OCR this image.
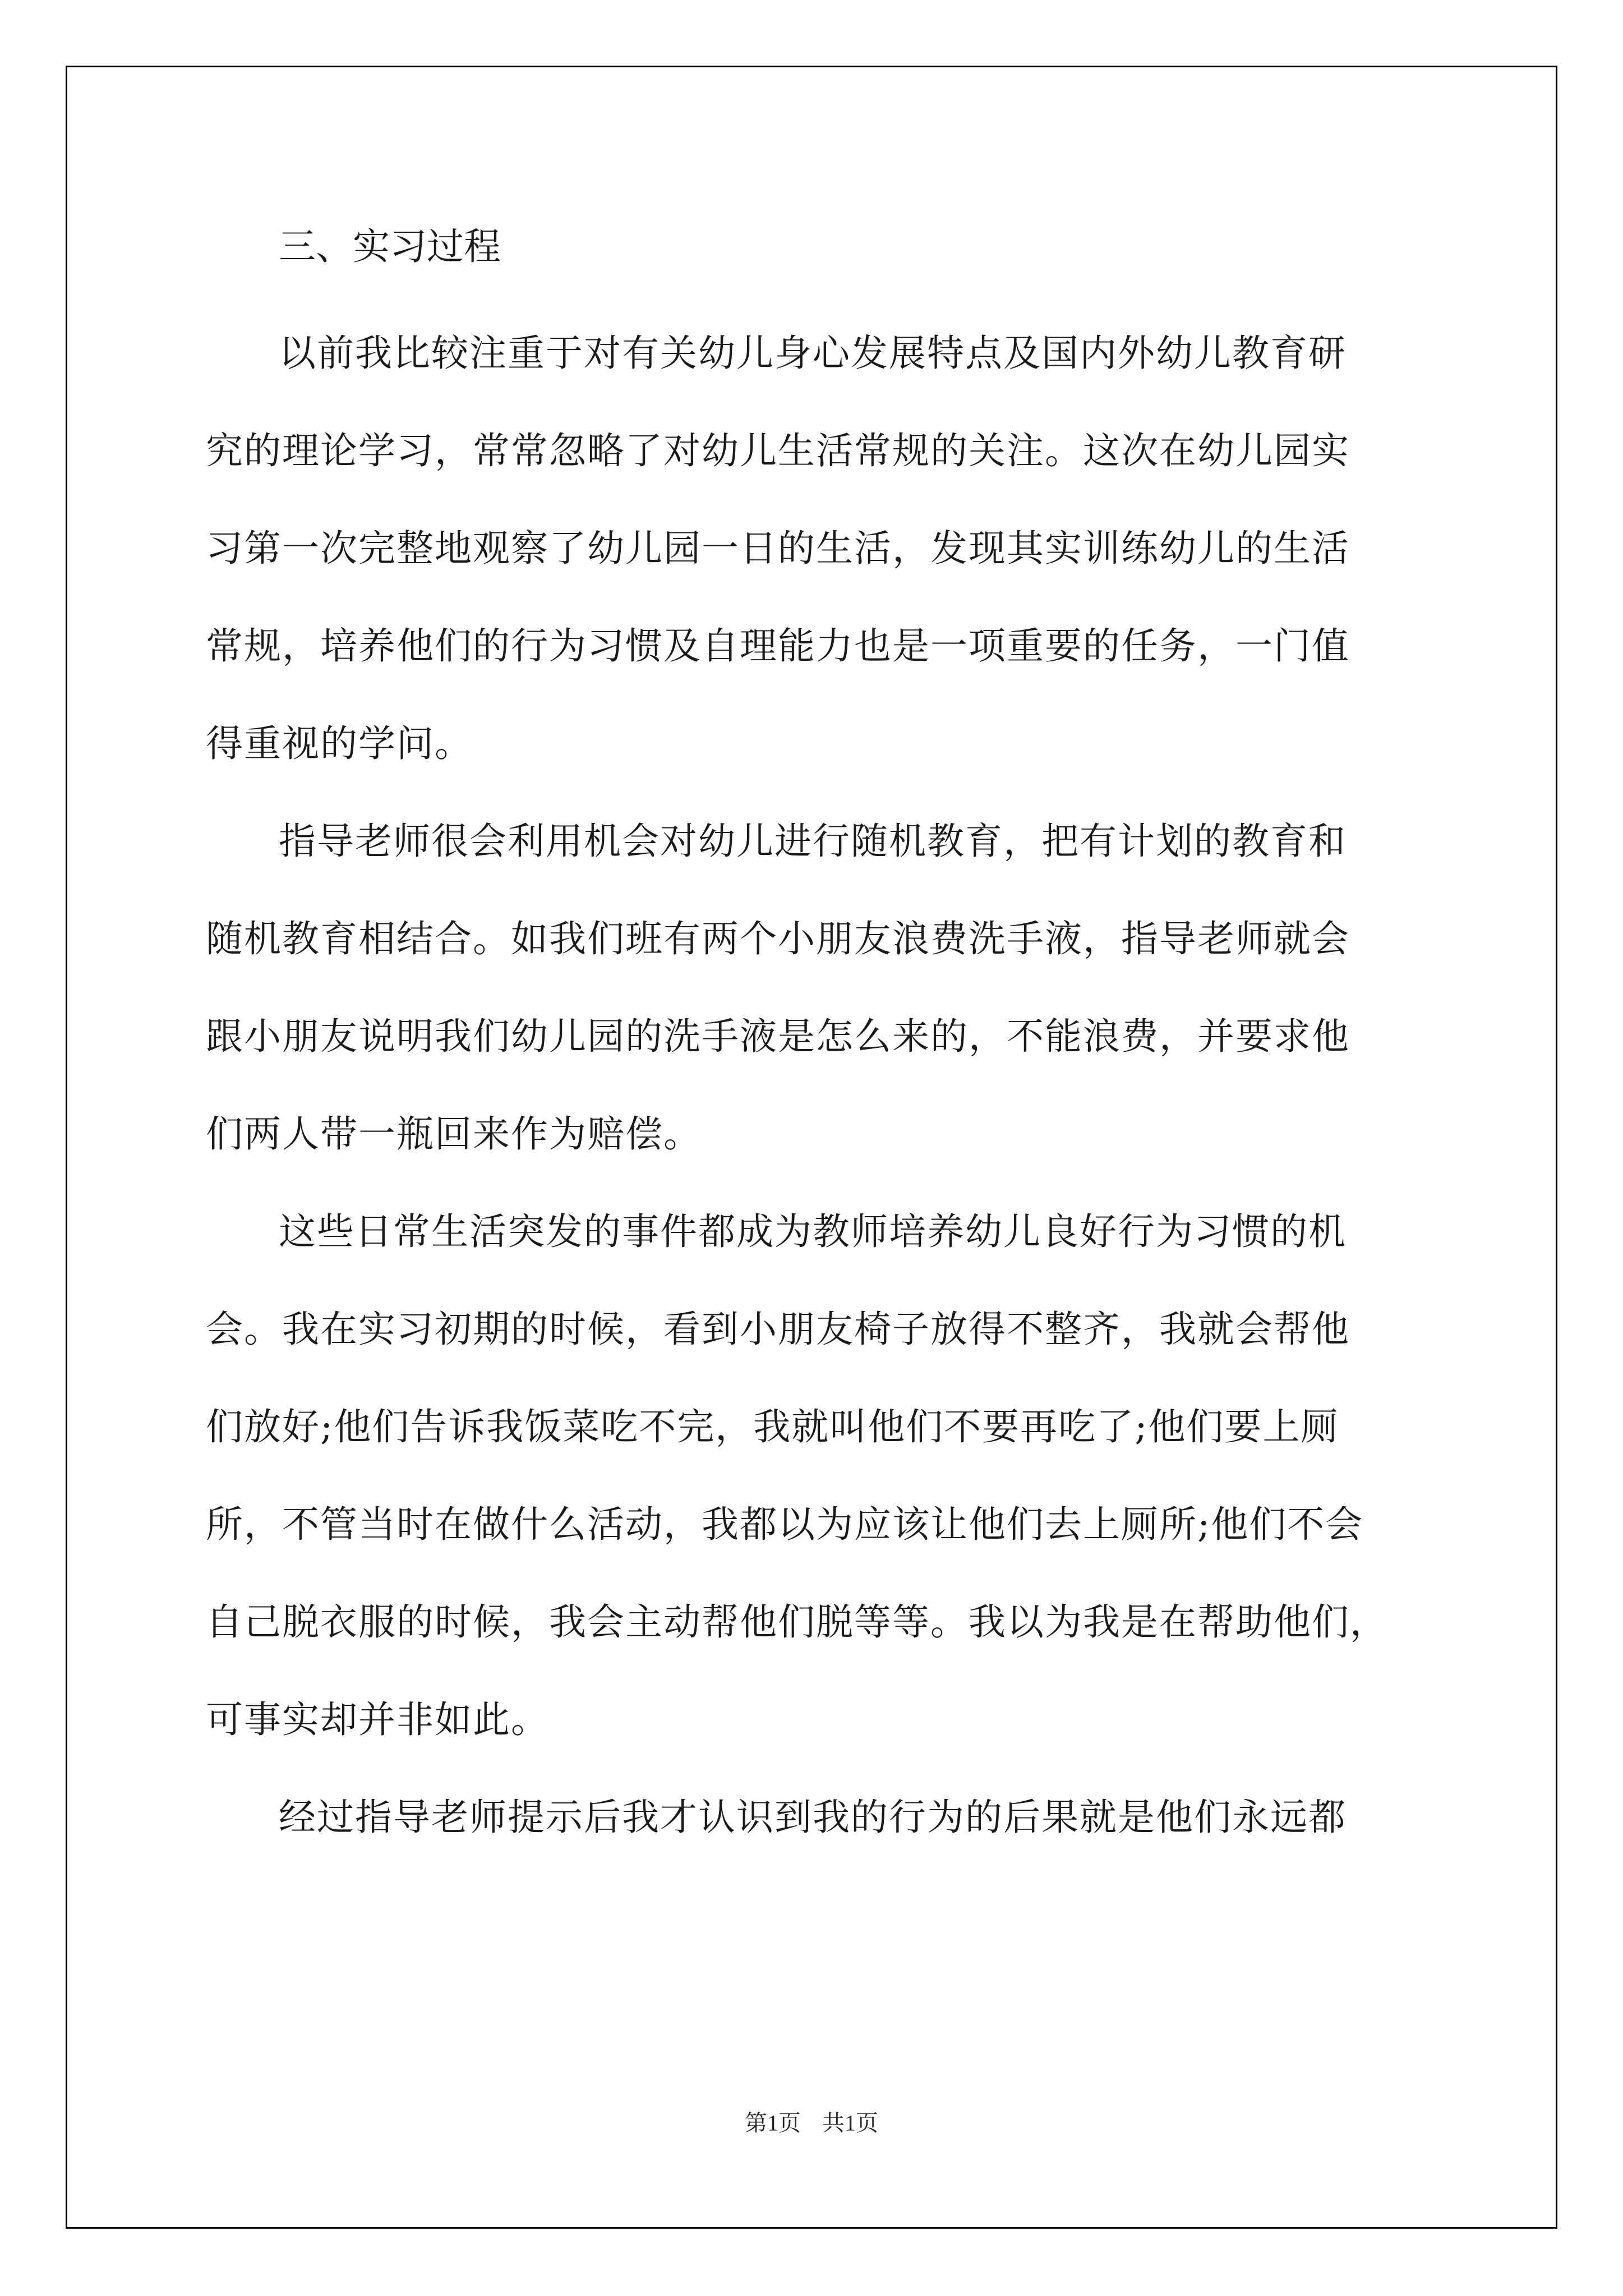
三、实习过程

以前我比较注重于对有关幼儿身心发展特点及国内外幼儿教育研

究的理论学习，常常忽略了对幼儿生活常规的关注。这次在幼儿园实

习第一次完整地观察了幼儿园一日的生活，发现其实训练幼儿的生活

常规，培养他们的行为习惯及自理能力也是一项重要的任务，一门值

得重视的学问。

指导老师很会利用机会对幼儿进行随机教育，把有计划的教育和

随机教育相结合。如我们班有两个小朋友浪费洗手液，指导老师就会

跟小朋友说明我们幼儿园的洗手液是怎么来的，不能浪费，并要求他

们两人带一瓶回来作为赔偿。

这些日常生活突发的事件都成为教师培养幼儿良好行为习惯的机

会。我在实习初期的时候，看到小朋友椅子放得不整齐，我就会帮他

们放好;他们告诉我饭菜吃不完，我就叫他们不要再吃了;他们要上厕

所，不管当时在做什么活动，我都以为应该让他们去上厕所;他们不会

自己脱衣服的时候，我会主动帮他们脱等等。我以为我是在帮助他们，

可事实却并非如此。

经过指导老师提示后我才认识到我的行为的后果就是他们永远都

第1页 共1页
